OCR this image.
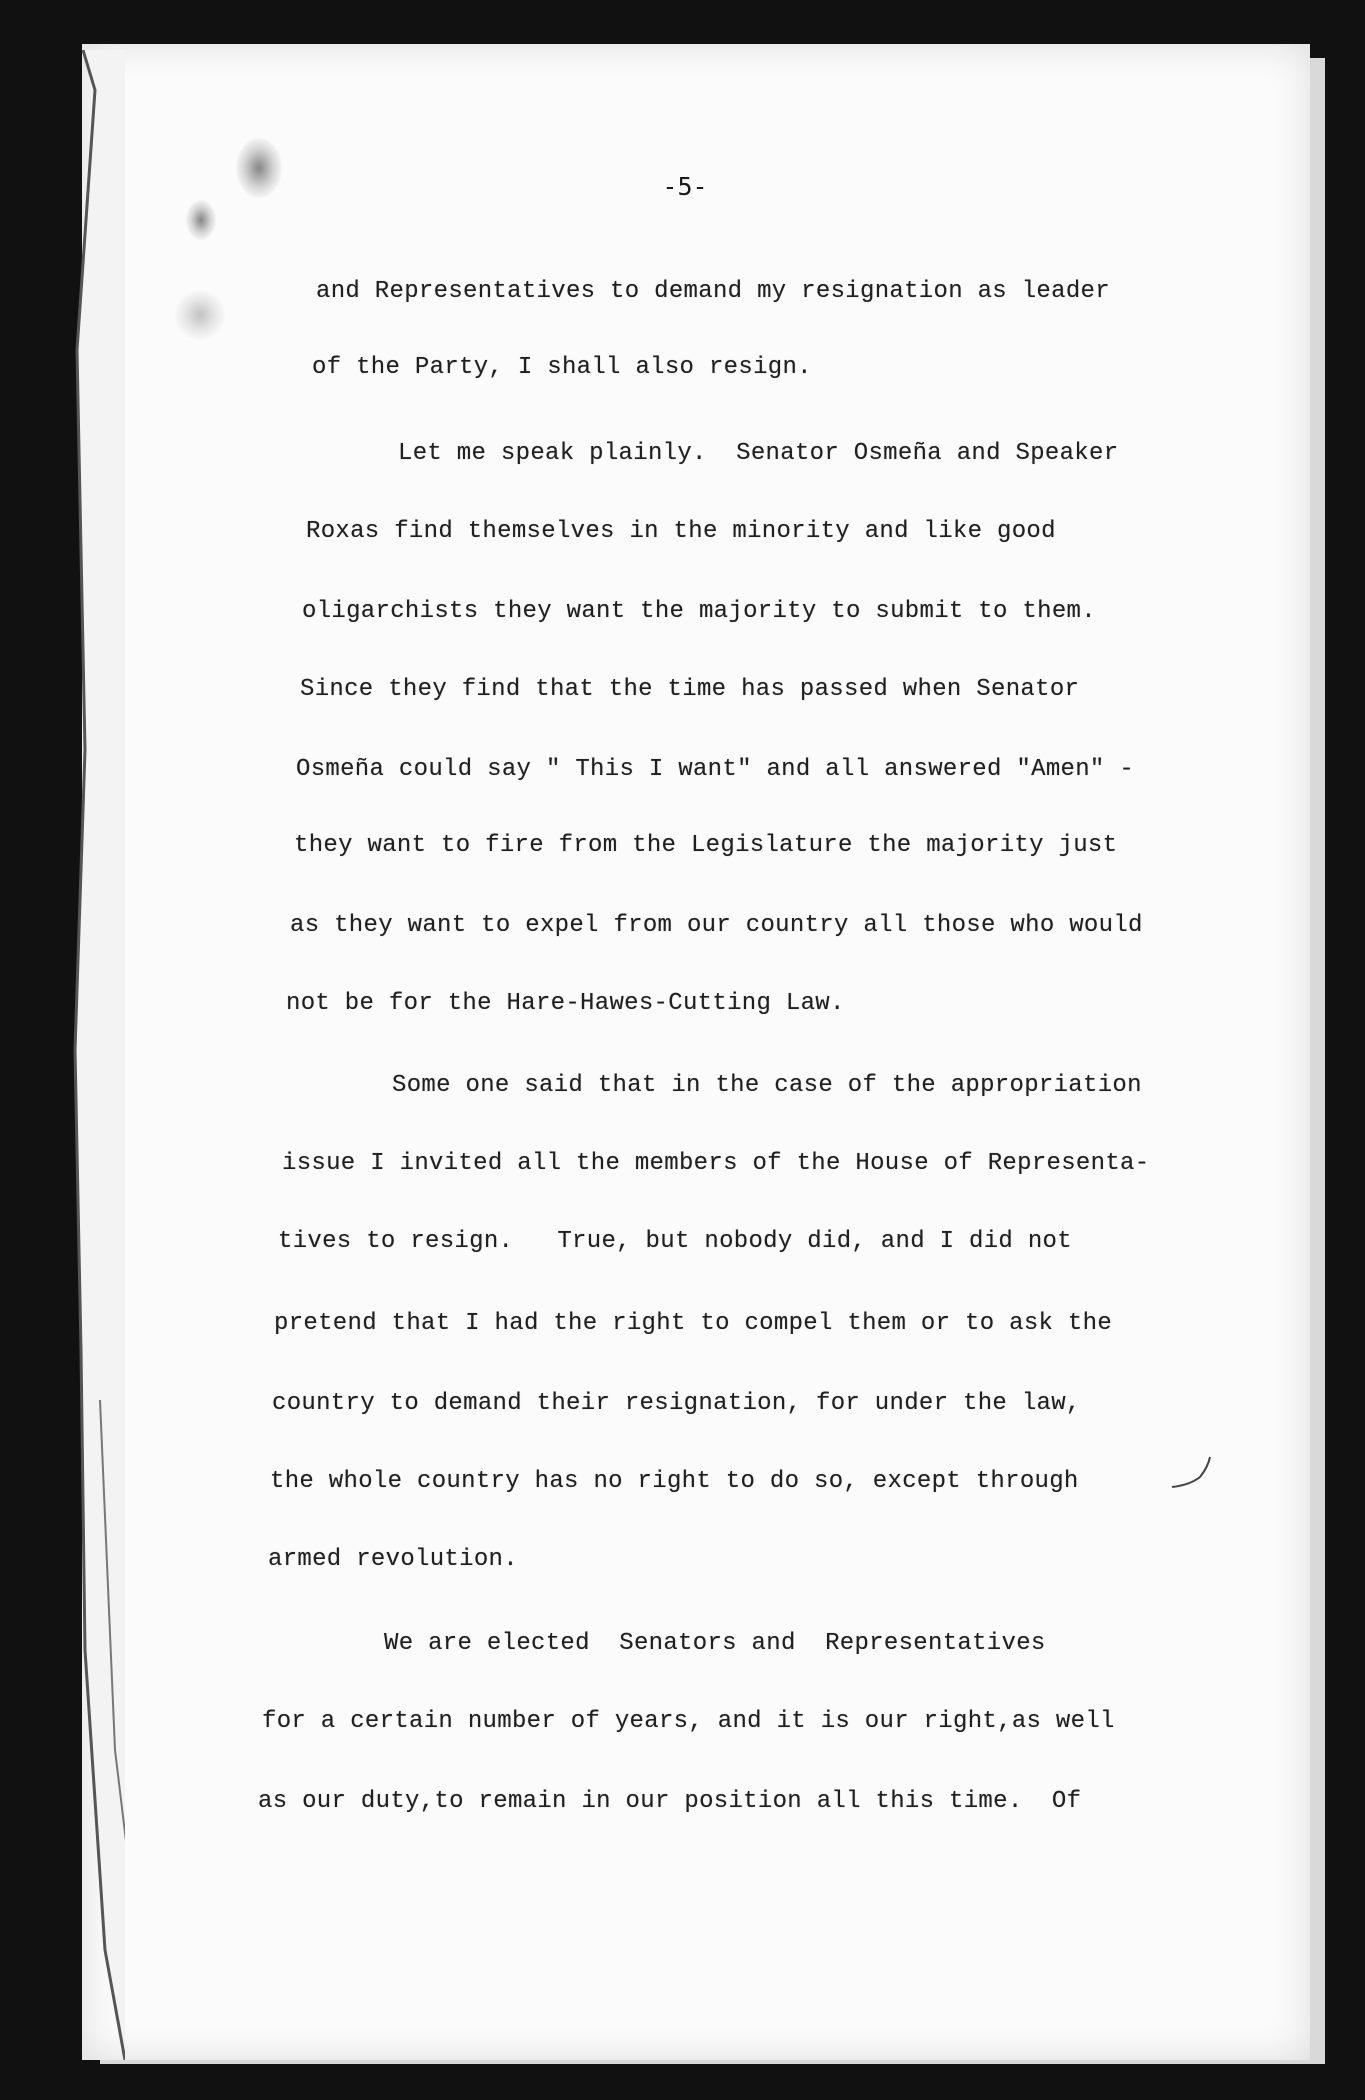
-5-
and Representatives to demand my resignation as leader
of the Party, I shall also resign.
Let me speak plainly.  Senator Osmeña and Speaker
Roxas find themselves in the minority and like good
oligarchists they want the majority to submit to them.
Since they find that the time has passed when Senator
Osmeña could say " This I want" and all answered "Amen" -
they want to fire from the Legislature the majority just
as they want to expel from our country all those who would
not be for the Hare-Hawes-Cutting Law.
Some one said that in the case of the appropriation
issue I invited all the members of the House of Representa-
tives to resign.   True, but nobody did, and I did not
pretend that I had the right to compel them or to ask the
country to demand their resignation, for under the law,
the whole country has no right to do so, except through
armed revolution.
We are elected  Senators and  Representatives
for a certain number of years, and it is our right,as well
as our duty,to remain in our position all this time.  Of
